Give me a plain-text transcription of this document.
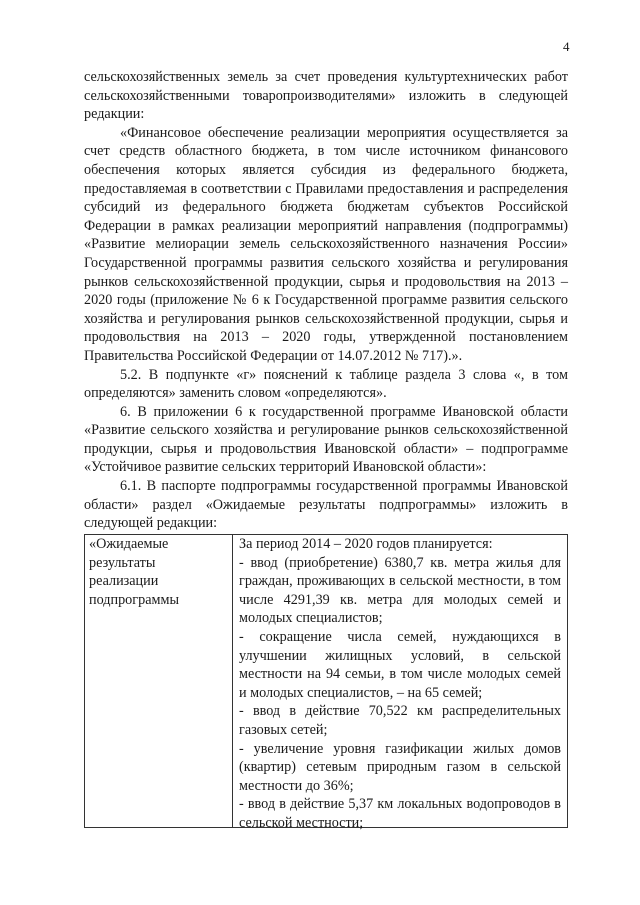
4

сельскохозяйственных земель за счет проведения культуртехнических работ сельскохозяйственными товаропроизводителями» изложить в следующей редакции:

«Финансовое обеспечение реализации мероприятия осуществляется за счет средств областного бюджета, в том числе источником финансового обеспечения которых является субсидия из федерального бюджета, предоставляемая в соответствии с Правилами предоставления и распределения субсидий из федерального бюджета бюджетам субъектов Российской Федерации в рамках реализации мероприятий направления (подпрограммы) «Развитие мелиорации земель сельскохозяйственного назначения России» Государственной программы развития сельского хозяйства и регулирования рынков сельскохозяйственной продукции, сырья и продовольствия на 2013 – 2020 годы (приложение № 6 к Государственной программе развития сельского хозяйства и регулирования рынков сельскохозяйственной продукции, сырья и продовольствия на 2013 – 2020 годы, утвержденной постановлением Правительства Российской Федерации от 14.07.2012 № 717).».

5.2. В подпункте «г» пояснений к таблице раздела 3 слова «, в том определяются» заменить словом «определяются».

6. В приложении 6 к государственной программе Ивановской области «Развитие сельского хозяйства и регулирование рынков сельскохозяйственной продукции, сырья и продовольствия Ивановской области» – подпрограмме «Устойчивое развитие сельских территорий Ивановской области»:

6.1. В паспорте подпрограммы государственной программы Ивановской области» раздел «Ожидаемые результаты подпрограммы» изложить в следующей редакции:

«Ожидаемые результаты реализации подпрограммы
За период 2014 – 2020 годов планируется:
- ввод (приобретение) 6380,7 кв. метра жилья для граждан, проживающих в сельской местности, в том числе 4291,39 кв. метра для молодых семей и молодых специалистов;
- сокращение числа семей, нуждающихся в улучшении жилищных условий, в сельской местности на 94 семьи, в том числе молодых семей и молодых специалистов, – на 65 семей;
- ввод в действие 70,522 км распределительных газовых сетей;
- увеличение уровня газификации жилых домов (квартир) сетевым природным газом в сельской местности до 36%;
- ввод в действие 5,37 км локальных водопроводов в сельской местности;
